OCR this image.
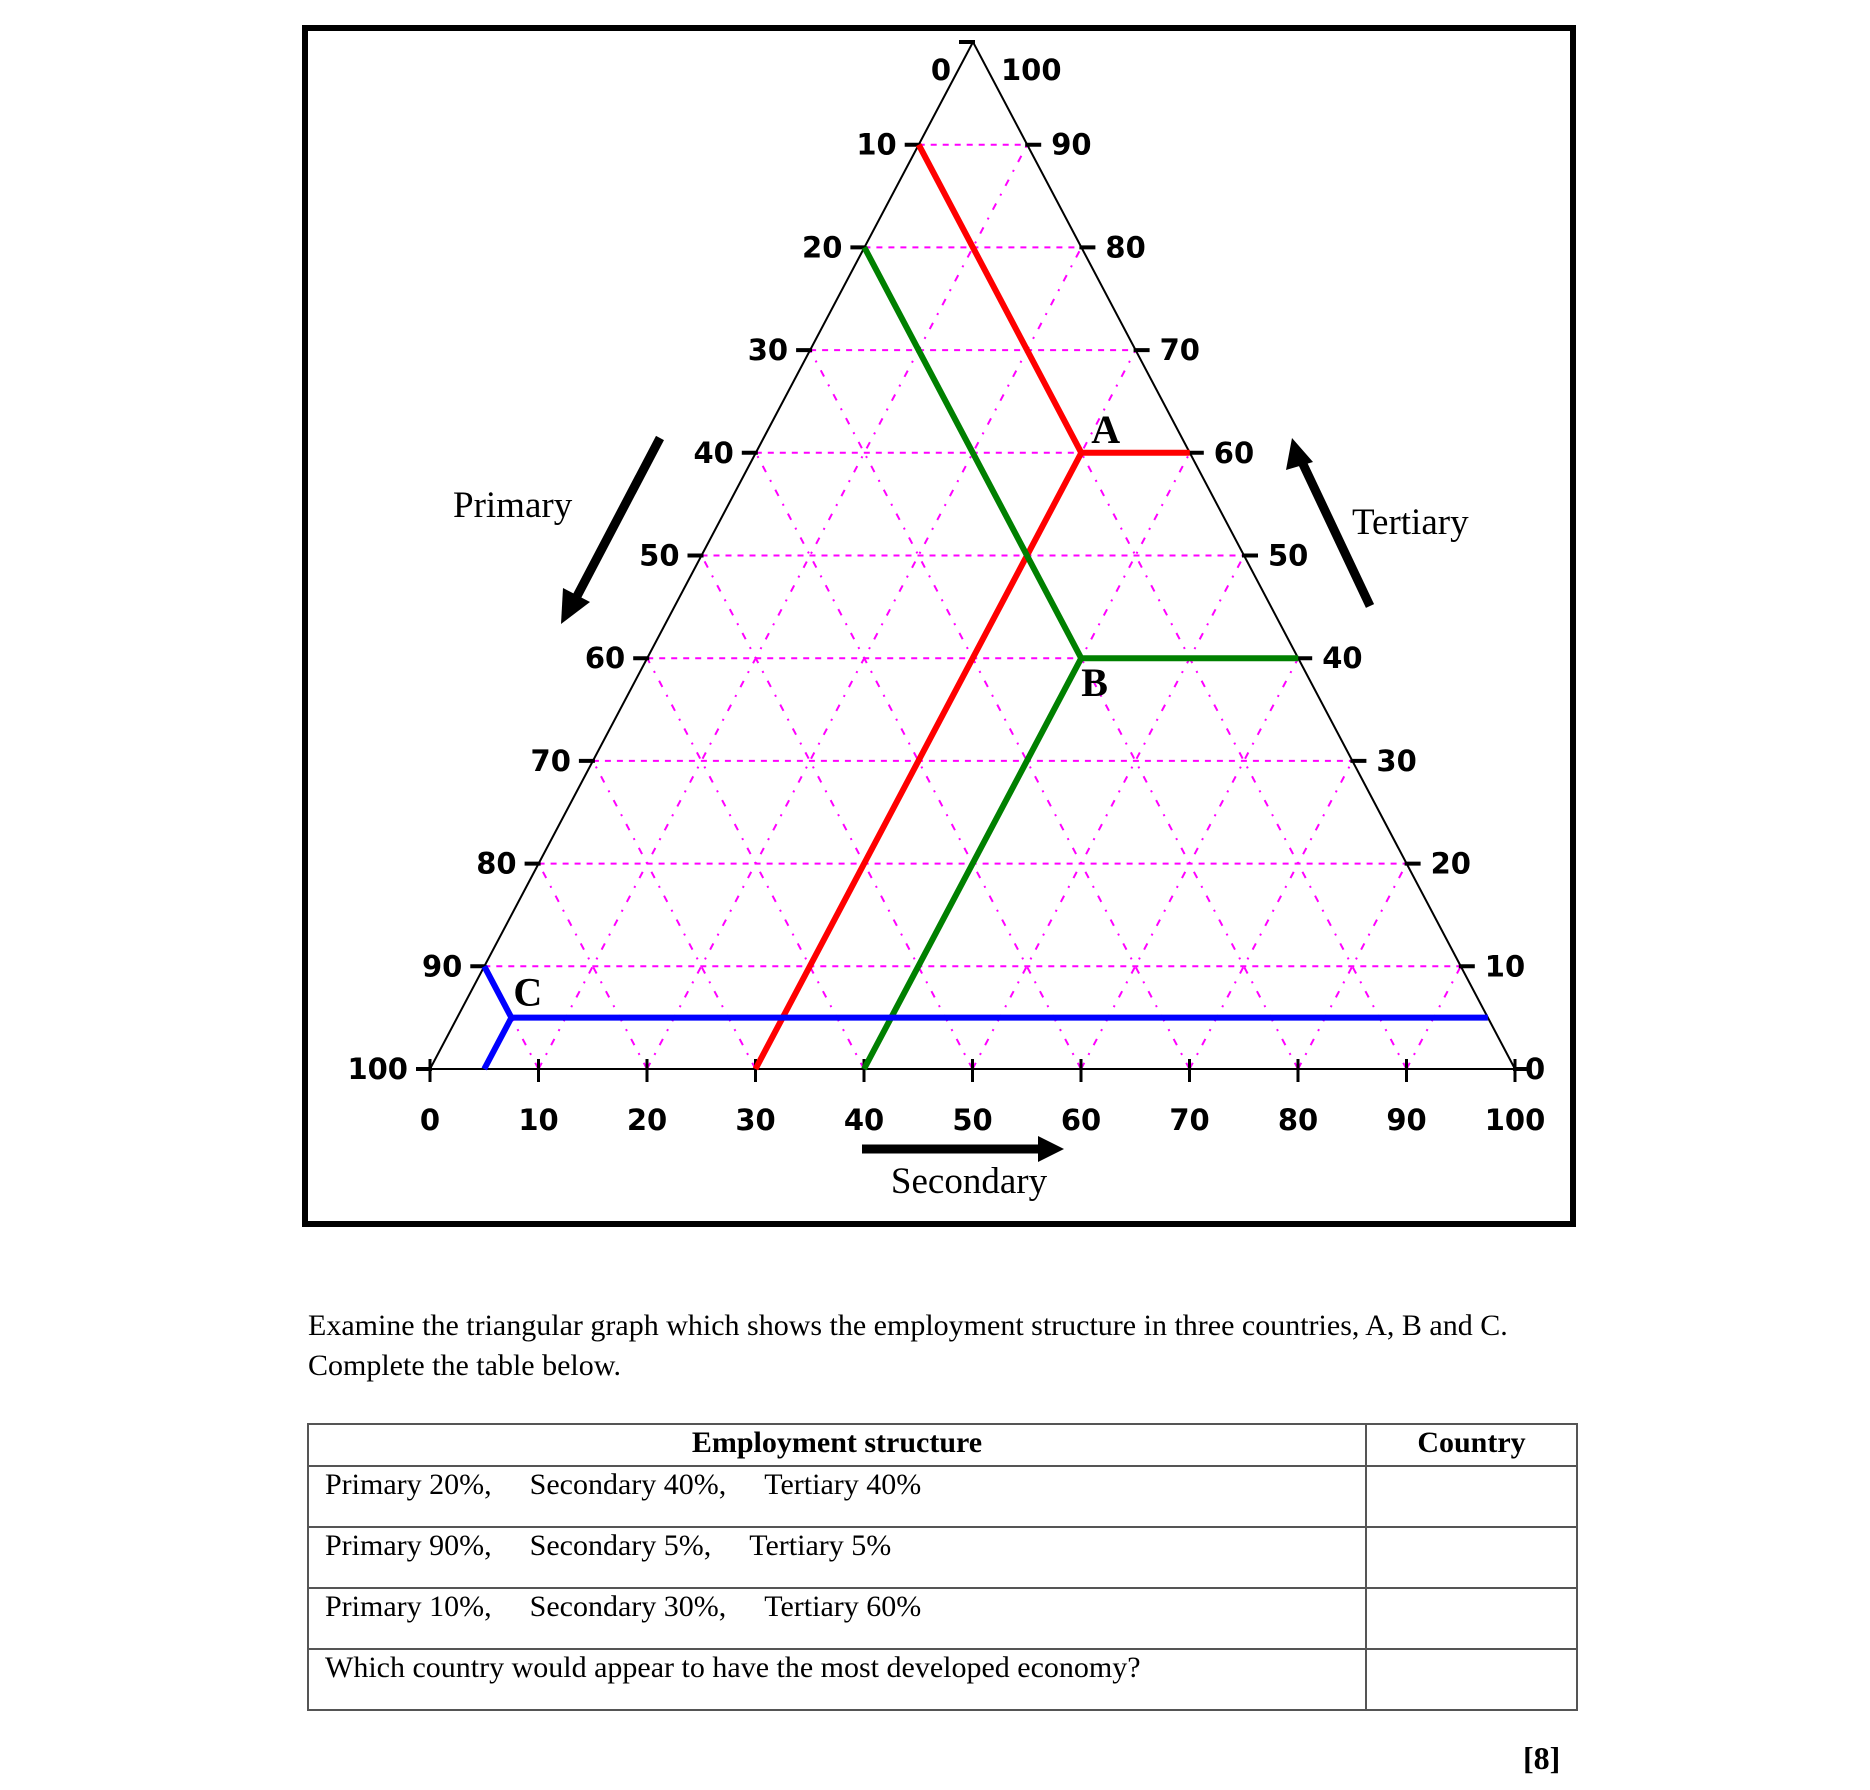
A
B
C
Primary	Tertiary
Secondary
0
10
20
30
40
50
60
70
80
90
100	0
10
20
30
40
50
60
70
80
90
100
0	10 20 30 40 50 60 70 80 90 100
Examine the triangular graph which shows the employment structure in three countries, A, B and C. Complete the table below.
Employment structure	Country
Primary 20%, Secondary 40%, Tertiary 40%	
Primary 90%, Secondary 5%, Tertiary 5%	
Primary 10%, Secondary 30%, Tertiary 60%	
Which country would appear to have the most developed economy?	
[8]
